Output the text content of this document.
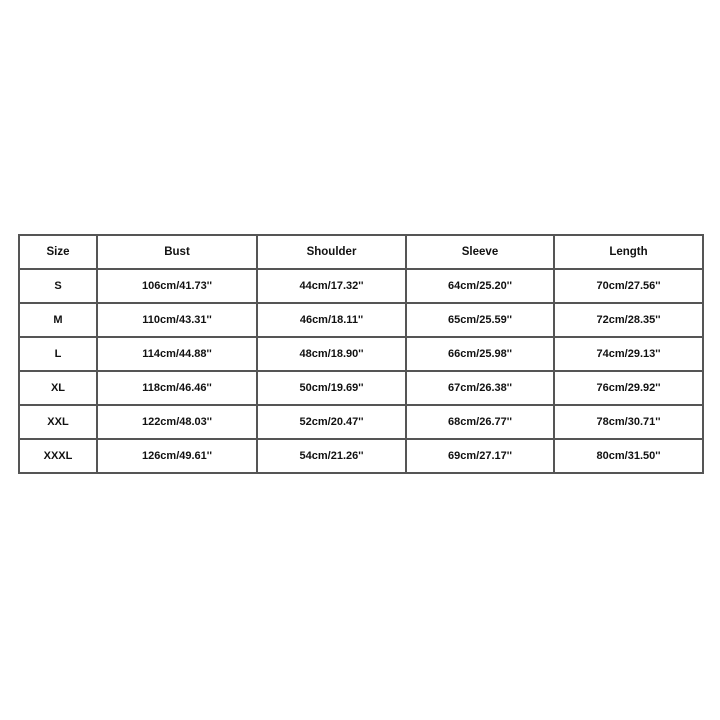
Size	Bust	Shoulder	Sleeve	Length
S	106cm/41.73''	44cm/17.32''	64cm/25.20''	70cm/27.56''
M	110cm/43.31''	46cm/18.11''	65cm/25.59''	72cm/28.35''
L	114cm/44.88''	48cm/18.90''	66cm/25.98''	74cm/29.13''
XL	118cm/46.46''	50cm/19.69''	67cm/26.38''	76cm/29.92''
XXL	122cm/48.03''	52cm/20.47''	68cm/26.77''	78cm/30.71''
XXXL	126cm/49.61''	54cm/21.26''	69cm/27.17''	80cm/31.50''
